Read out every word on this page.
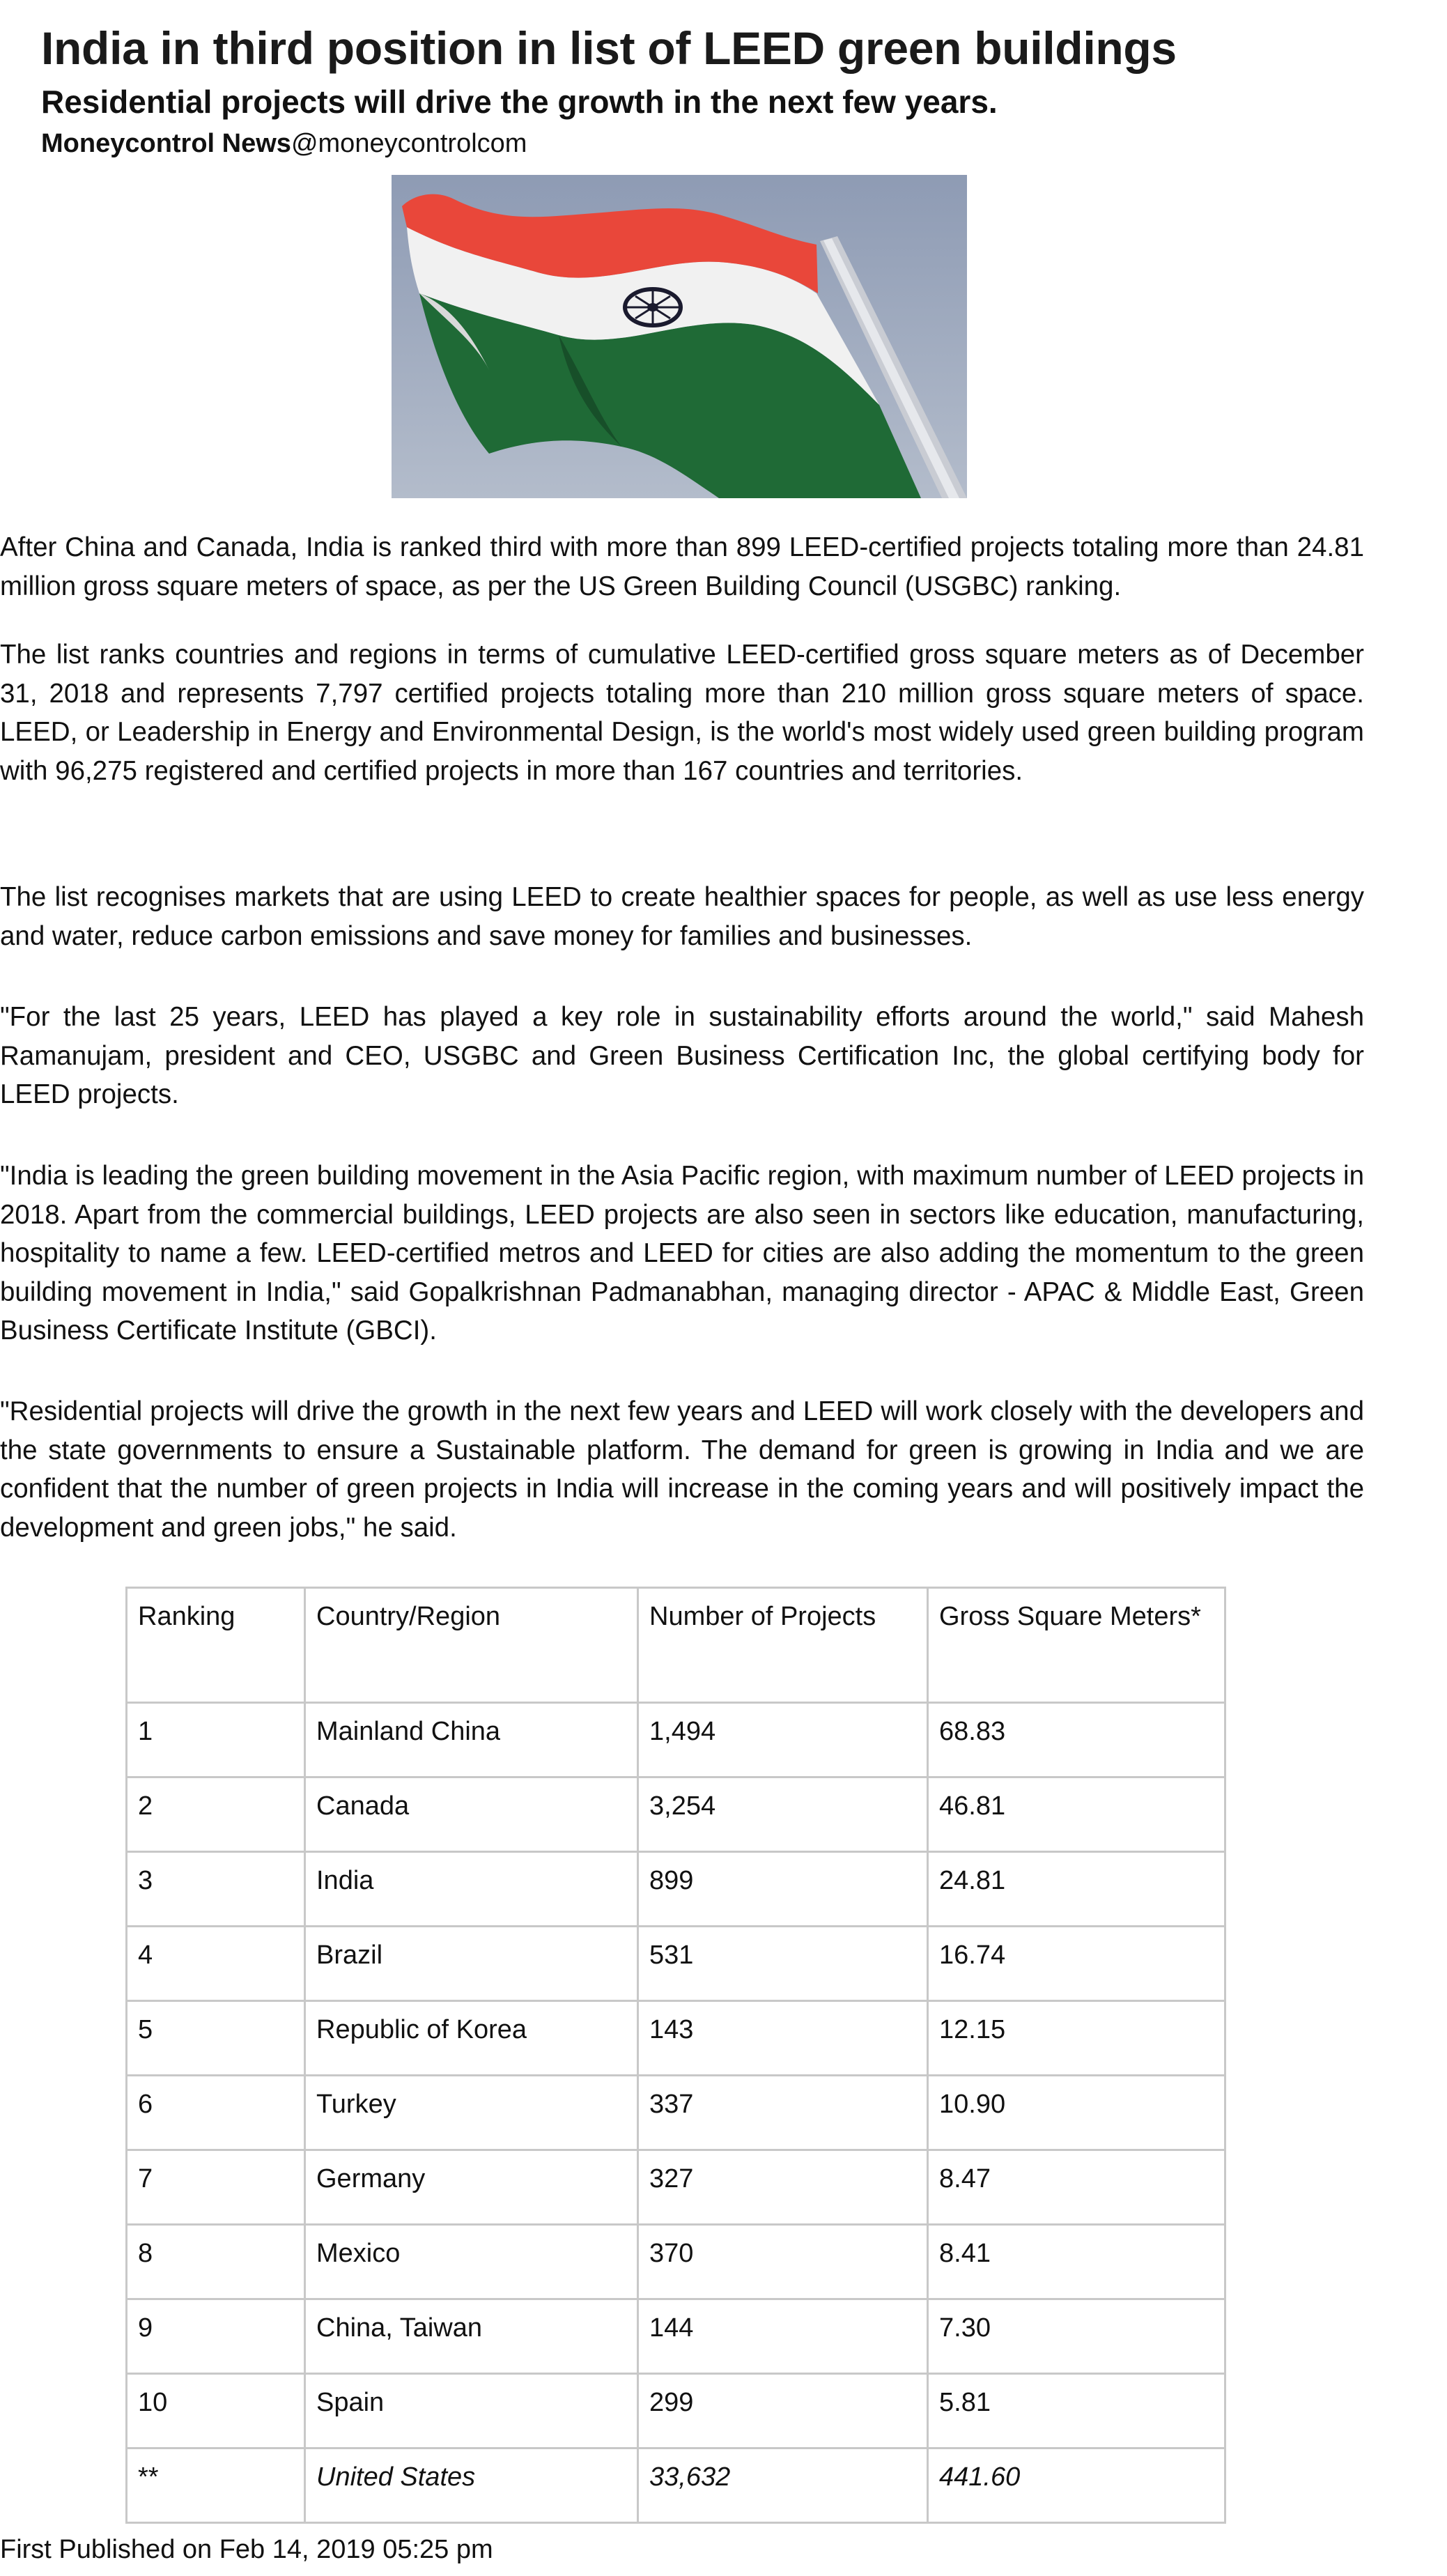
India in third position in list of LEED green buildings

Residential projects will drive the growth in the next few years.

Moneycontrol News@moneycontrolcom

After China and Canada, India is ranked third with more than 899 LEED-certified projects totaling more than 24.81 million gross square meters of space, as per the US Green Building Council (USGBC) ranking.

The list ranks countries and regions in terms of cumulative LEED-certified gross square meters as of December 31, 2018 and represents 7,797 certified projects totaling more than 210 million gross square meters of space. LEED, or Leadership in Energy and Environmental Design, is the world's most widely used green building program with 96,275 registered and certified projects in more than 167 countries and territories.

The list recognises markets that are using LEED to create healthier spaces for people, as well as use less energy and water, reduce carbon emissions and save money for families and businesses.

"For the last 25 years, LEED has played a key role in sustainability efforts around the world," said Mahesh Ramanujam, president and CEO, USGBC and Green Business Certification Inc, the global certifying body for LEED projects.

"India is leading the green building movement in the Asia Pacific region, with maximum number of LEED projects in 2018. Apart from the commercial buildings, LEED projects are also seen in sectors like education, manufacturing, hospitality to name a few. LEED-certified metros and LEED for cities are also adding the momentum to the green building movement in India," said Gopalkrishnan Padmanabhan, managing director - APAC & Middle East, Green Business Certificate Institute (GBCI).

"Residential projects will drive the growth in the next few years and LEED will work closely with the developers and the state governments to ensure a Sustainable platform. The demand for green is growing in India and we are confident that the number of green projects in India will increase in the coming years and will positively impact the development and green jobs," he said.

Ranking	Country/Region	Number of Projects	Gross Square Meters*
1	Mainland China	1,494	68.83
2	Canada	3,254	46.81
3	India	899	24.81
4	Brazil	531	16.74
5	Republic of Korea	143	12.15
6	Turkey	337	10.90
7	Germany	327	8.47
8	Mexico	370	8.41
9	China, Taiwan	144	7.30
10	Spain	299	5.81
**	United States	33,632	441.60

First Published on Feb 14, 2019 05:25 pm
